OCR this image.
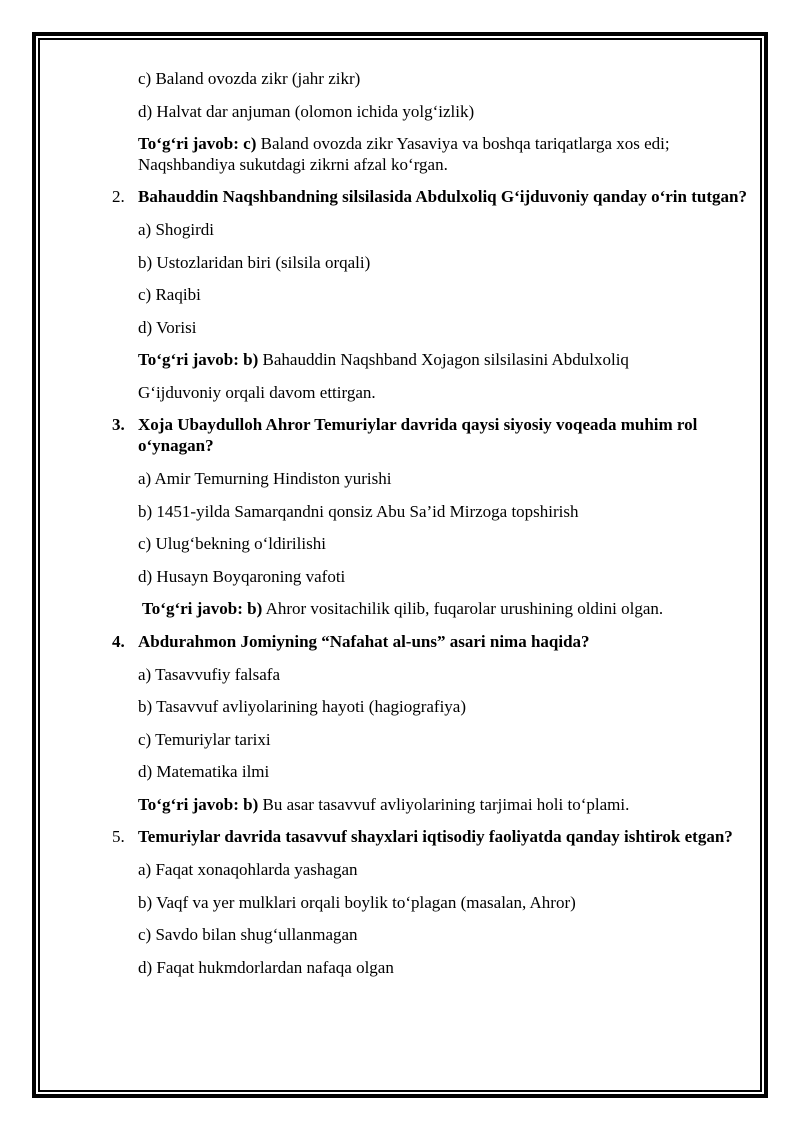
c) Baland ovozda zikr (jahr zikr)
d) Halvat dar anjuman (olomon ichida yolg‘izlik)
To‘g‘ri javob: c) Baland ovozda zikr Yasaviya va boshqa tariqatlarga xos edi; Naqshbandiya sukutdagi zikrni afzal ko‘rgan.
2. Bahauddin Naqshbandning silsilasida Abdulxoliq G‘ijduvoniy qanday o‘rin tutgan?
a) Shogirdi
b) Ustozlaridan biri (silsila orqali)
c) Raqibi
d) Vorisi
To‘g‘ri javob: b) Bahauddin Naqshband Xojagon silsilasini Abdulxoliq
G‘ijduvoniy orqali davom ettirgan.
3. Xoja Ubaydulloh Ahror Temuriylar davrida qaysi siyosiy voqeada muhim rol o‘ynagan?
a) Amir Temurning Hindiston yurishi
b) 1451-yilda Samarqandni qonsiz Abu Sa’id Mirzoga topshirish
c) Ulug‘bekning o‘ldirilishi
d) Husayn Boyqaroning vafoti
To‘g‘ri javob: b) Ahror vositachilik qilib, fuqarolar urushining oldini olgan.
4. Abdurahmon Jomiyning “Nafahat al-uns” asari nima haqida?
a) Tasavvufiy falsafa
b) Tasavvuf avliyolarining hayoti (hagiografiya)
c) Temuriylar tarixi
d) Matematika ilmi
To‘g‘ri javob: b) Bu asar tasavvuf avliyolarining tarjimai holi to‘plami.
5. Temuriylar davrida tasavvuf shayxlari iqtisodiy faoliyatda qanday ishtirok etgan?
a) Faqat xonaqohlarda yashagan
b) Vaqf va yer mulklari orqali boylik to‘plagan (masalan, Ahror)
c) Savdo bilan shug‘ullanmagan
d) Faqat hukmdorlardan nafaqa olgan
